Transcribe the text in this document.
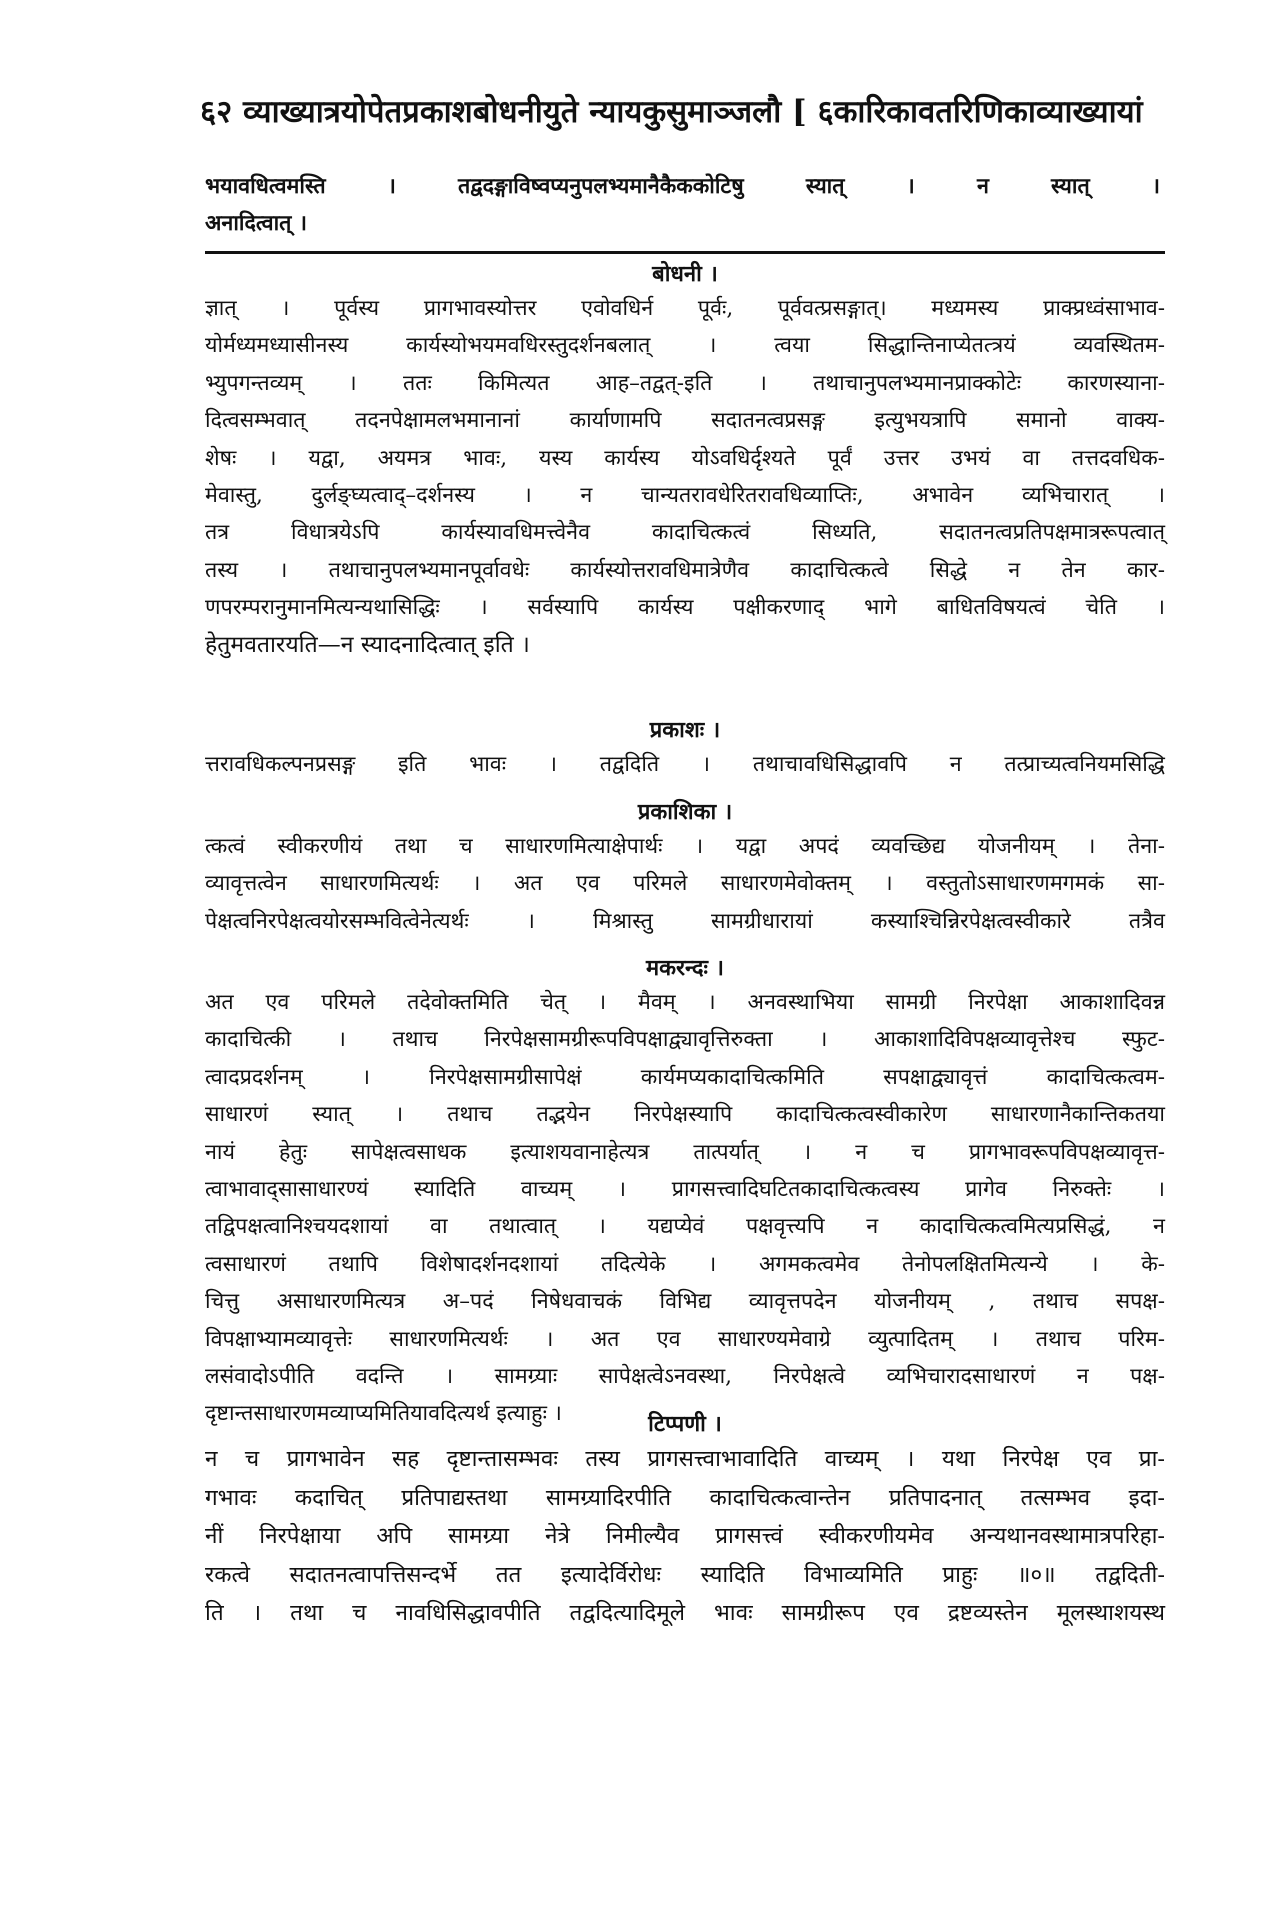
६२ व्याख्यात्रयोपेतप्रकाशबोधनीयुते न्यायकुसुमाञ्जलौ [ ६कारिकावतरिणिकाव्याख्यायां
भयावधित्वमस्ति । तद्वदङ्गाविष्वप्यनुपलभ्यमानैकैककोटिषु स्यात् । न स्यात् ।
अनादित्वात् ।
बोधनी ।
ज्ञात् । पूर्वस्य प्रागभावस्योत्तर एवोवधिर्न पूर्वः, पूर्ववत्प्रसङ्गात्। मध्यमस्य प्राक्प्रध्वंसाभाव-
योर्मध्यमध्यासीनस्य कार्यस्योभयमवधिरस्तुदर्शनबलात् । त्वया सिद्धान्तिनाप्येतत्त्रयं व्यवस्थितम-
भ्युपगन्तव्यम् । ततः किमित्यत आह–तद्वत्-इति । तथाचानुपलभ्यमानप्राक्कोटेः कारणस्याना-
दित्वसम्भवात् तदनपेक्षामलभमानानां कार्याणामपि सदातनत्वप्रसङ्ग इत्युभयत्रापि समानो वाक्य-
शेषः । यद्वा, अयमत्र भावः, यस्य कार्यस्य योऽवधिर्दृश्यते पूर्वं उत्तर उभयं वा तत्तदवधिक-
मेवास्तु, दुर्लङ्घ्यत्वाद्–दर्शनस्य । न चान्यतरावधेरितरावधिव्याप्तिः, अभावेन व्यभिचारात् ।
तत्र विधात्रयेऽपि कार्यस्यावधिमत्त्वेनैव कादाचित्कत्वं सिध्यति, सदातनत्वप्रतिपक्षमात्ररूपत्वात्
तस्य । तथाचानुपलभ्यमानपूर्वावधेः कार्यस्योत्तरावधिमात्रेणैव कादाचित्कत्वे सिद्धे न तेन कार-
णपरम्परानुमानमित्यन्यथासिद्धिः । सर्वस्यापि कार्यस्य पक्षीकरणाद् भागे बाधितविषयत्वं चेति ।
हेतुमवतारयति—न स्यादनादित्वात् इति ।
प्रकाशः ।
त्तरावधिकल्पनप्रसङ्ग इति भावः । तद्वदिति । तथाचावधिसिद्धावपि न तत्प्राच्यत्वनियमसिद्धि
प्रकाशिका ।
त्कत्वं स्वीकरणीयं तथा च साधारणमित्याक्षेपार्थः । यद्वा अपदं व्यवच्छिद्य योजनीयम् । तेना-
व्यावृत्तत्वेन साधारणमित्यर्थः । अत एव परिमले साधारणमेवोक्तम् । वस्तुतोऽसाधारणमगमकं सा-
पेक्षत्वनिरपेक्षत्वयोरसम्भवित्वेनेत्यर्थः । मिश्रास्तु सामग्रीधारायां कस्याश्चिन्निरपेक्षत्वस्वीकारे तत्रैव
मकरन्दः ।
अत एव परिमले तदेवोक्तमिति चेत् । मैवम् । अनवस्थाभिया सामग्री निरपेक्षा आकाशादिवन्न
कादाचित्की । तथाच निरपेक्षसामग्रीरूपविपक्षाद्व्यावृत्तिरुक्ता । आकाशादिविपक्षव्यावृत्तेश्च स्फुट-
त्वादप्रदर्शनम् । निरपेक्षसामग्रीसापेक्षं कार्यमप्यकादाचित्कमिति सपक्षाद्व्यावृत्तं कादाचित्कत्वम-
साधारणं स्यात् । तथाच तद्भयेन निरपेक्षस्यापि कादाचित्कत्वस्वीकारेण साधारणानैकान्तिकतया
नायं हेतुः सापेक्षत्वसाधक इत्याशयवानाहेत्यत्र तात्पर्यात् । न च प्रागभावरूपविपक्षव्यावृत्त-
त्वाभावाद्सासाधारण्यं स्यादिति वाच्यम् । प्रागसत्त्वादिघटितकादाचित्कत्वस्य प्रागेव निरुक्तेः ।
तद्विपक्षत्वानिश्चयदशायां वा तथात्वात् । यद्यप्येवं पक्षवृत्त्यपि न कादाचित्कत्वमित्यप्रसिद्धं, न
त्वसाधारणं तथापि विशेषादर्शनदशायां तदित्येके । अगमकत्वमेव तेनोपलक्षितमित्यन्ये । के-
चित्तु असाधारणमित्यत्र अ–पदं निषेधवाचकं विभिद्य व्यावृत्तपदेन योजनीयम् , तथाच सपक्ष-
विपक्षाभ्यामव्यावृत्तेः साधारणमित्यर्थः । अत एव साधारण्यमेवाग्रे व्युत्पादितम् । तथाच परिम-
लसंवादोऽपीति वदन्ति । सामग्र्याः सापेक्षत्वेऽनवस्था, निरपेक्षत्वे व्यभिचारादसाधारणं न पक्ष-
दृष्टान्तसाधारणमव्याप्यमितियावदित्यर्थ इत्याहुः ।	टिप्पणी ।
न च प्रागभावेन सह दृष्टान्तासम्भवः तस्य प्रागसत्त्वाभावादिति वाच्यम् । यथा निरपेक्ष एव प्रा-
गभावः कदाचित् प्रतिपाद्यस्तथा सामग्र्यादिरपीति कादाचित्कत्वान्तेन प्रतिपादनात् तत्सम्भव इदा-
नीं निरपेक्षाया अपि सामग्र्या नेत्रे निमील्यैव प्रागसत्त्वं स्वीकरणीयमेव अन्यथानवस्थामात्रपरिहा-
रकत्वे सदातनत्वापत्तिसन्दर्भे तत इत्यादेर्विरोधः स्यादिति विभाव्यमिति प्राहुः ॥०॥ तद्वदिती-
ति । तथा च नावधिसिद्धावपीति तद्वदित्यादिमूले भावः सामग्रीरूप एव द्रष्टव्यस्तेन मूलस्थाशयस्थ
